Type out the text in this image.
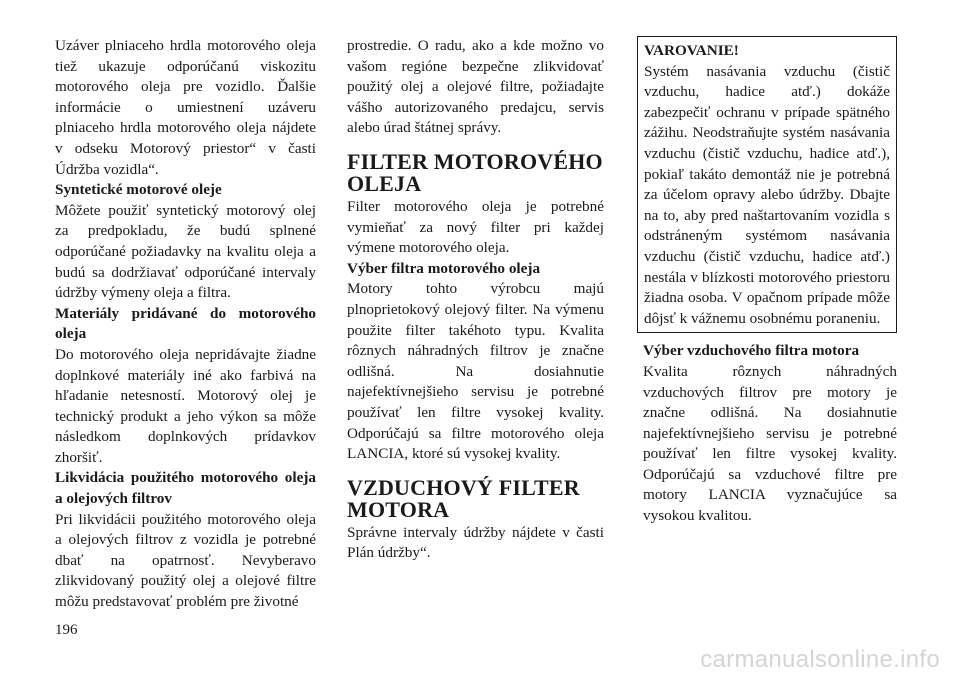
Uzáver plniaceho hrdla motorového oleja tiež ukazuje odporúčanú viskozitu motorového oleja pre vozidlo. Ďalšie informácie o umiestnení uzáveru plniaceho hrdla motorového oleja nájdete v odseku Motorový priestor“ v časti Údržba vozidla“.

Syntetické motorové oleje

Môžete použiť syntetický motorový olej za predpokladu, že budú splnené odporúčané požiadavky na kvalitu oleja a budú sa dodržiavať odporúčané intervaly údržby výmeny oleja a filtra.

Materiály pridávané do motorového oleja

Do motorového oleja nepridávajte žiadne doplnkové materiály iné ako farbivá na hľadanie netesností. Motorový olej je technický produkt a jeho výkon sa môže následkom doplnkových prídavkov zhoršiť.

Likvidácia použitého motorového oleja a olejových filtrov

Pri likvidácii použitého motorového oleja a olejových filtrov z vozidla je potrebné dbať na opatrnosť. Nevyberavo zlikvidovaný použitý olej a olejové filtre môžu predstavovať problém pre životné

prostredie. O radu, ako a kde možno vo vašom regióne bezpečne zlikvidovať použitý olej a olejové filtre, požiadajte vášho autorizovaného predajcu, servis alebo úrad štátnej správy.

FILTER MOTOROVÉHO OLEJA

Filter motorového oleja je potrebné vymieňať za nový filter pri každej výmene motorového oleja.

Výber filtra motorového oleja

Motory tohto výrobcu majú plnoprietokový olejový filter. Na výmenu použite filter takéhoto typu. Kvalita rôznych náhradných filtrov je značne odlišná. Na dosiahnutie najefektívnejšieho servisu je potrebné používať len filtre vysokej kvality. Odporúčajú sa filtre motorového oleja LANCIA, ktoré sú vysokej kvality.

VZDUCHOVÝ FILTER MOTORA

Správne intervaly údržby nájdete v časti Plán údržby“.

VAROVANIE!

Systém nasávania vzduchu (čistič vzduchu, hadice atď.) dokáže zabezpečiť ochranu v prípade spätného zážihu. Neodstraňujte systém nasávania vzduchu (čistič vzduchu, hadice atď.), pokiaľ takáto demontáž nie je potrebná za účelom opravy alebo údržby. Dbajte na to, aby pred naštartovaním vozidla s odstráneným systémom nasávania vzduchu (čistič vzduchu, hadice atď.) nestála v blízkosti motorového priestoru žiadna osoba. V opačnom prípade môže dôjsť k vážnemu osobnému poraneniu.

Výber vzduchového filtra motora

Kvalita rôznych náhradných vzduchových filtrov pre motory je značne odlišná. Na dosiahnutie najefektívnejšieho servisu je potrebné používať len filtre vysokej kvality. Odporúčajú sa vzduchové filtre pre motory LANCIA vyznačujúce sa vysokou kvalitou.

196
carmanualsonline.info
